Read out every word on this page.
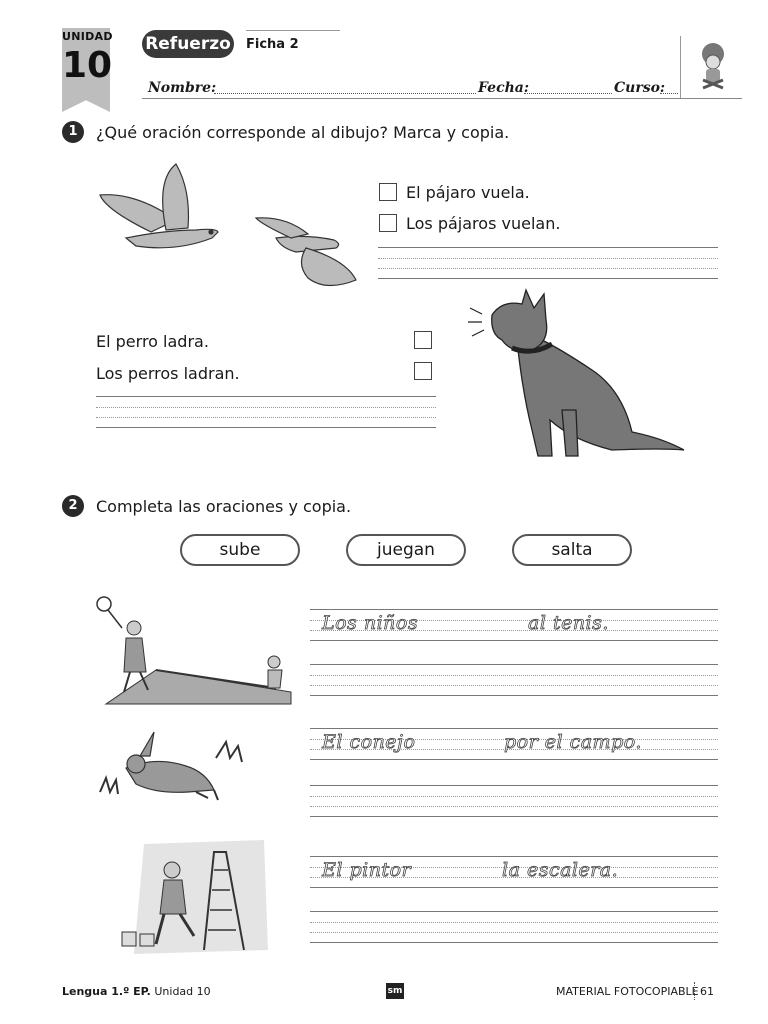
UNIDAD
10
Refuerzo Ficha 2
Nombre:	Fecha:	Curso:
1	¿Qué oración corresponde al dibujo? Marca y copia.
El pájaro vuela.
Los pájaros vuelan.
El perro ladra.
Los perros ladran.
2	Completa las oraciones y copia.
sube	juegan	salta
Los niños	al tenis.
El conejo	por el campo.
El pintor	la escalera.
Lengua 1.º EP. Unidad 10	sm	MATERIAL FOTOCOPIABLE 61
